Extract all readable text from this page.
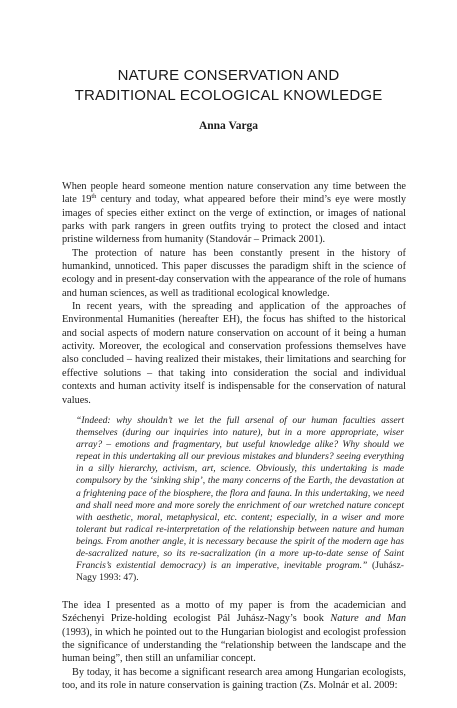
NATURE CONSERVATION AND
TRADITIONAL ECOLOGICAL KNOWLEDGE
Anna Varga

When people heard someone mention nature conservation any time between the late 19th century and today, what appeared before their mind’s eye were mostly images of species either extinct on the verge of extinction, or images of national parks with park rangers in green outfits trying to protect the closed and intact pristine wilderness from humanity (Standovár – Primack 2001).

The protection of nature has been constantly present in the history of humankind, unnoticed. This paper discusses the paradigm shift in the science of ecology and in present-day conservation with the appearance of the role of humans and human sciences, as well as traditional ecological knowledge.

In recent years, with the spreading and application of the approaches of Environmental Humanities (hereafter EH), the focus has shifted to the historical and social aspects of modern nature conservation on account of it being a human activity. Moreover, the ecological and conservation professions themselves have also concluded – having realized their mistakes, their limitations and searching for effective solutions – that taking into consideration the social and individual contexts and human activity itself is indispensable for the conservation of natural values.

“Indeed: why shouldn’t we let the full arsenal of our human faculties assert themselves (during our inquiries into nature), but in a more appropriate, wiser array? – emotions and fragmentary, but useful knowledge alike? Why should we repeat in this undertaking all our previous mistakes and blunders? seeing everything in a silly hierarchy, activism, art, science. Obviously, this undertaking is made compulsory by the ‘sinking ship’, the many concerns of the Earth, the devastation at a frightening pace of the biosphere, the flora and fauna. In this undertaking, we need and shall need more and more sorely the enrichment of our wretched nature concept with aesthetic, moral, metaphysical, etc. content; especially, in a wiser and more tolerant but radical re-interpretation of the relationship between nature and human beings. From another angle, it is necessary because the spirit of the modern age has de-sacralized nature, so its re-sacralization (in a more up-to-date sense of Saint Francis’s existential democracy) is an imperative, inevitable program.” (Juhász-Nagy 1993: 47).

The idea I presented as a motto of my paper is from the academician and Széchenyi Prize-holding ecologist Pál Juhász-Nagy’s book Nature and Man (1993), in which he pointed out to the Hungarian biologist and ecologist profession the significance of understanding the “relationship between the landscape and the human being”, then still an unfamiliar concept.

By today, it has become a significant research area among Hungarian ecologists, too, and its role in nature conservation is gaining traction (Zs. Molnár et al. 2009:
